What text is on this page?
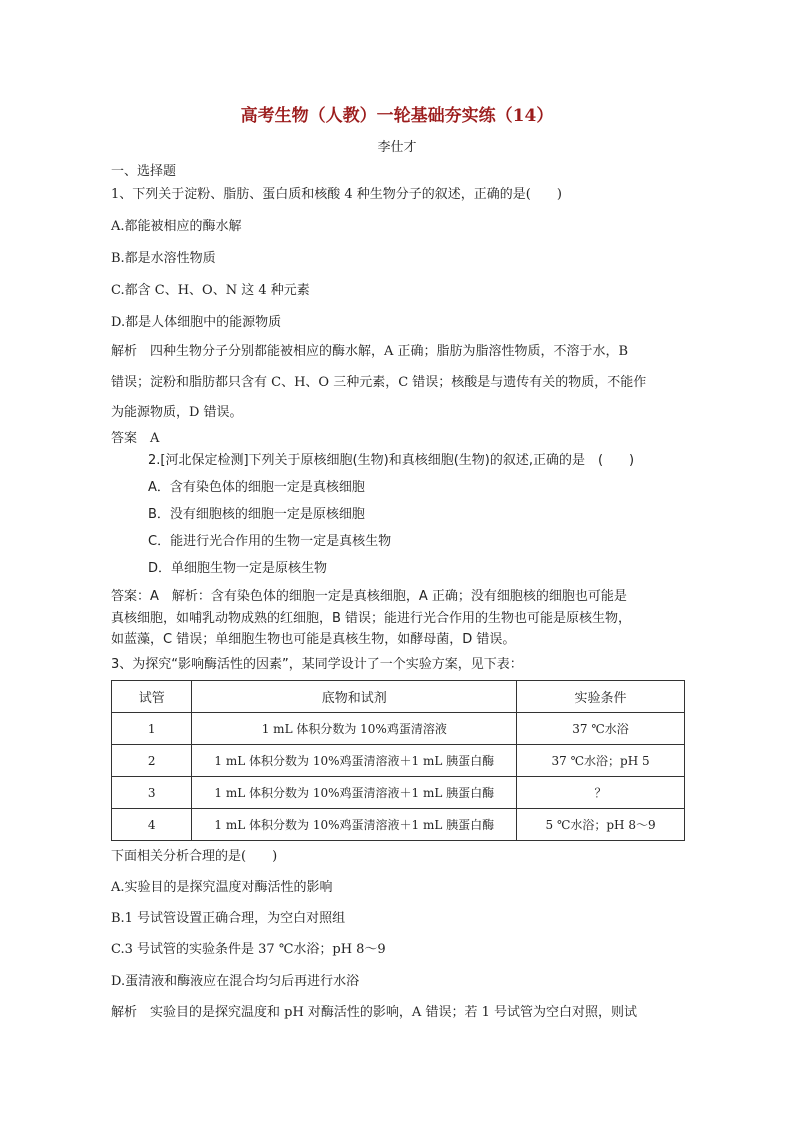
高考生物（人教）一轮基础夯实练（14）
李仕才
一、选择题
1、下列关于淀粉、脂肪、蛋白质和核酸 4 种生物分子的叙述，正确的是(　　)
A.都能被相应的酶水解
B.都是水溶性物质
C.都含 C、H、O、N 这 4 种元素
D.都是人体细胞中的能源物质
解析　四种生物分子分别都能被相应的酶水解，A 正确；脂肪为脂溶性物质，不溶于水，B
错误；淀粉和脂肪都只含有 C、H、O 三种元素，C 错误；核酸是与遗传有关的物质，不能作
为能源物质，D 错误。
答案　A
2.[河北保定检测]下列关于原核细胞(生物)和真核细胞(生物)的叙述,正确的是　(　　)
A．含有染色体的细胞一定是真核细胞
B．没有细胞核的细胞一定是原核细胞
C．能进行光合作用的生物一定是真核生物
D．单细胞生物一定是原核生物
答案：A　解析：含有染色体的细胞一定是真核细胞，A 正确；没有细胞核的细胞也可能是
真核细胞，如哺乳动物成熟的红细胞，B 错误；能进行光合作用的生物也可能是原核生物，
如蓝藻，C 错误；单细胞生物也可能是真核生物，如酵母菌，D 错误。
3、为探究“影响酶活性的因素”，某同学设计了一个实验方案，见下表：
试管	底物和试剂	实验条件
1	1 mL 体积分数为 10%鸡蛋清溶液	37 ℃水浴
2	1 mL 体积分数为 10%鸡蛋清溶液＋1 mL 胰蛋白酶	37 ℃水浴；pH 5
3	1 mL 体积分数为 10%鸡蛋清溶液＋1 mL 胰蛋白酶	？
4	1 mL 体积分数为 10%鸡蛋清溶液＋1 mL 胰蛋白酶	5 ℃水浴；pH 8～9
下面相关分析合理的是(　　)
A.实验目的是探究温度对酶活性的影响
B.1 号试管设置正确合理，为空白对照组
C.3 号试管的实验条件是 37 ℃水浴；pH 8～9
D.蛋清液和酶液应在混合均匀后再进行水浴
解析　实验目的是探究温度和 pH 对酶活性的影响，A 错误；若 1 号试管为空白对照，则试
